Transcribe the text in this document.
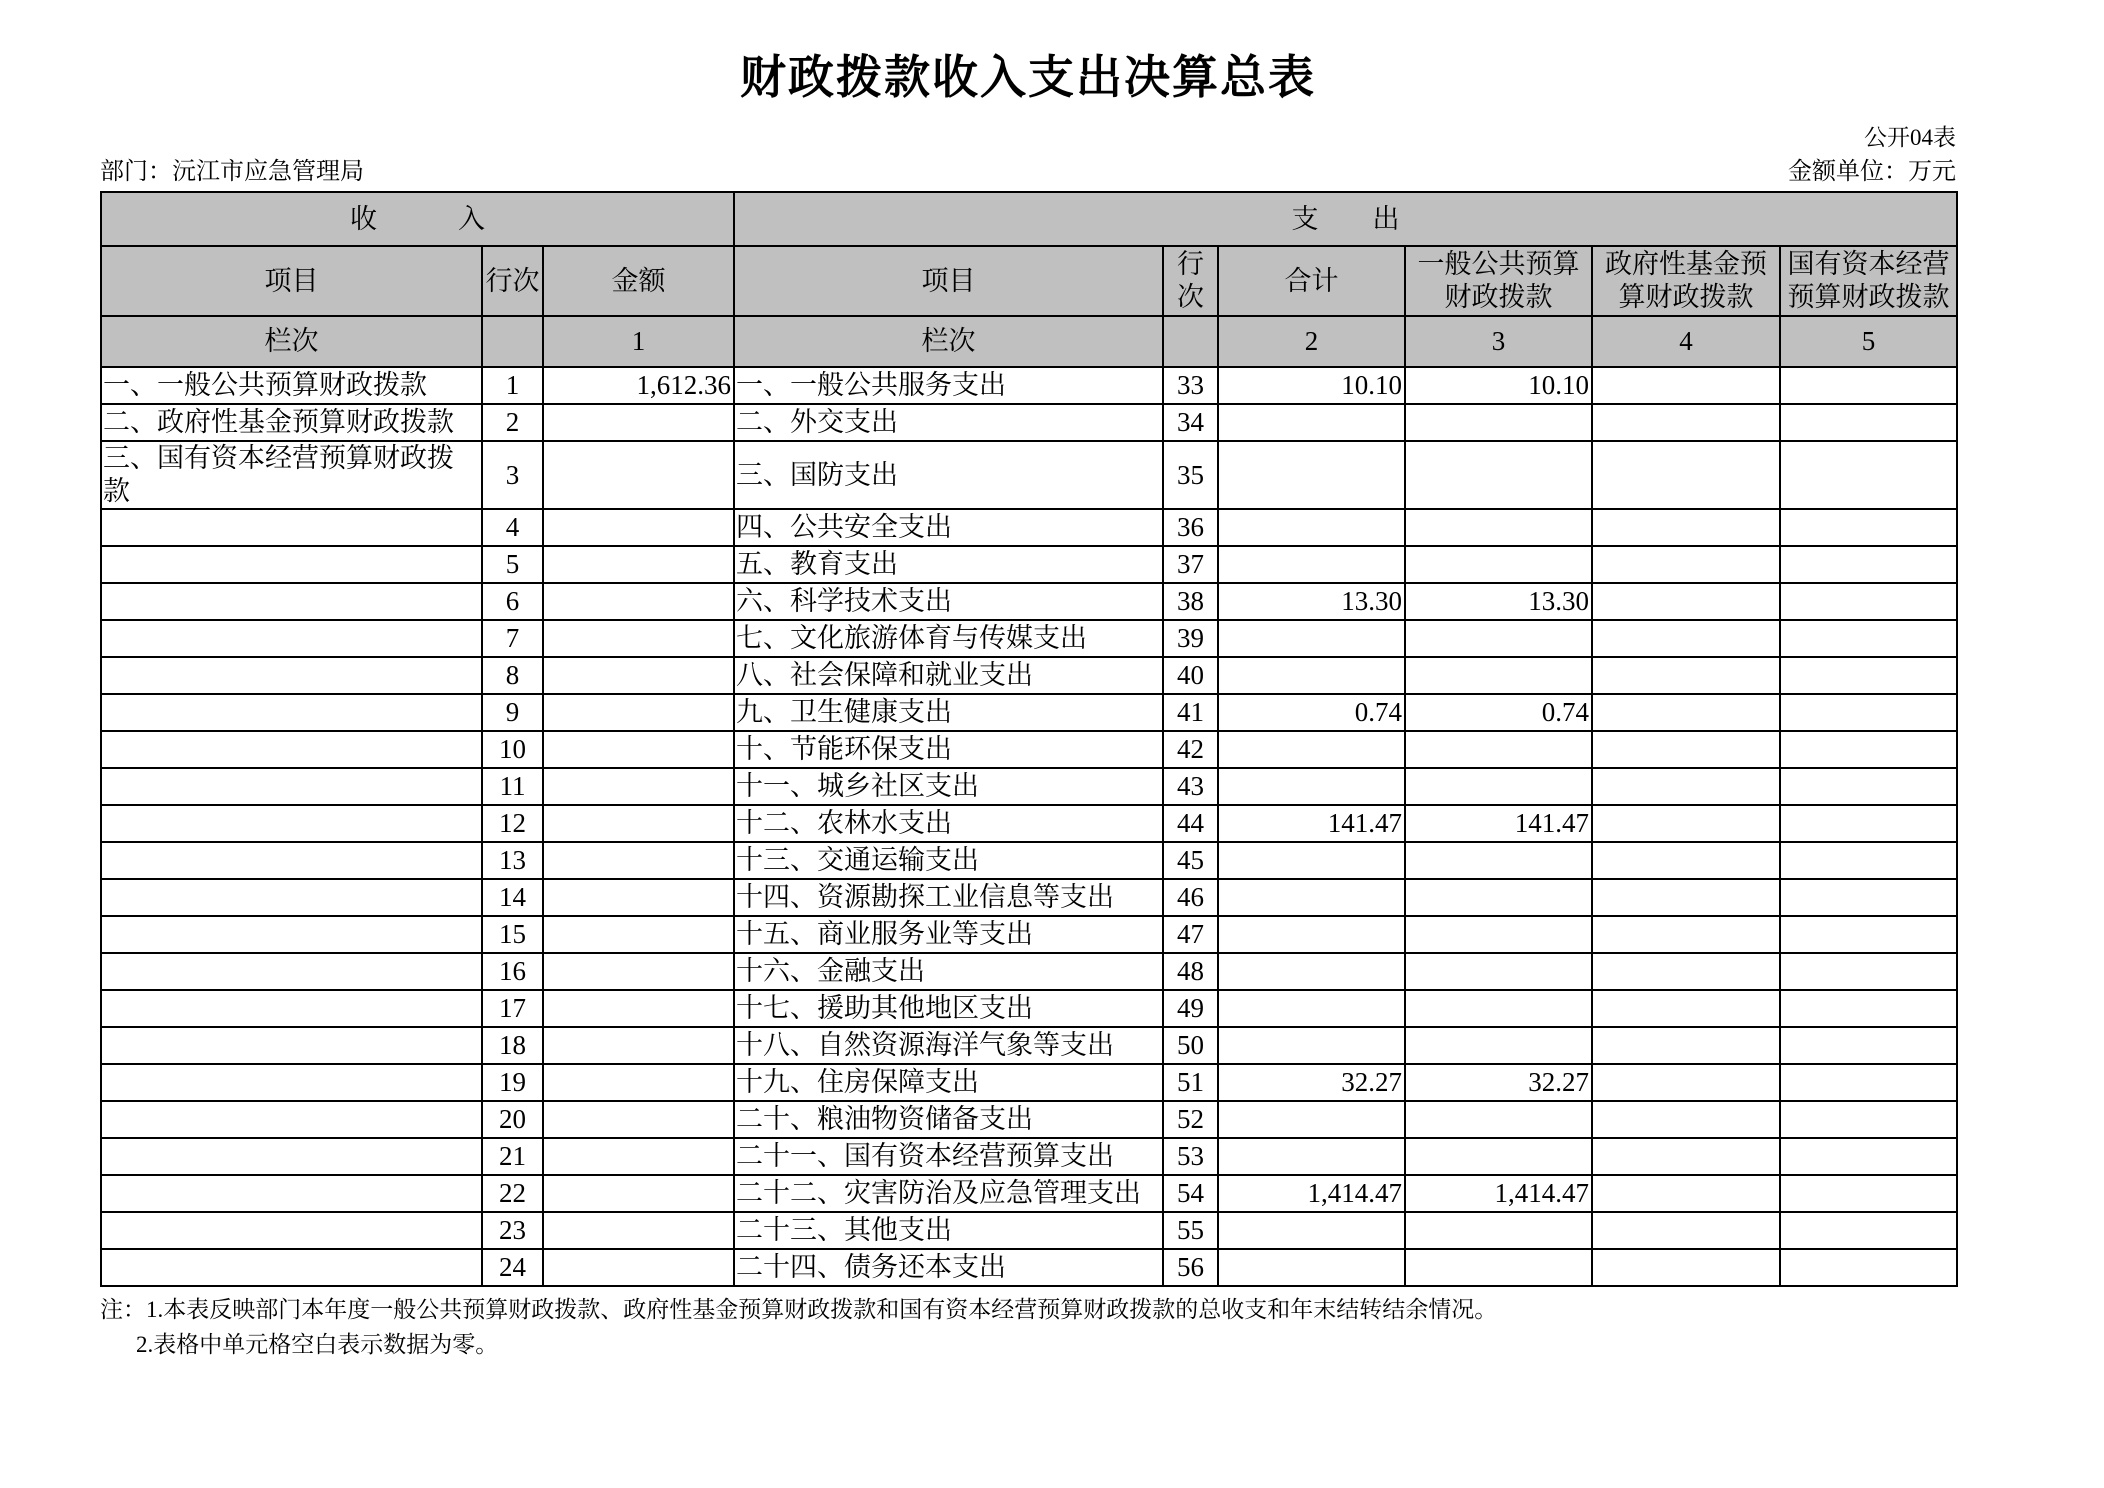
财政拨款收入支出决算总表
公开04表
部门：沅江市应急管理局	金额单位：万元
收　　　入			支　　出					
项目	行次	金额	项目	行次	合计	一般公共预算财政拨款	政府性基金预算财政拨款	国有资本经营预算财政拨款
栏次		1	栏次		2	3	4	5
一、一般公共预算财政拨款	1	1,612.36	一、一般公共服务支出	33	10.10	10.10		
二、政府性基金预算财政拨款	2		二、外交支出	34				
三、国有资本经营预算财政拨款	3		三、国防支出	35				
	4		四、公共安全支出	36				
	5		五、教育支出	37				
	6		六、科学技术支出	38	13.30	13.30		
	7		七、文化旅游体育与传媒支出	39				
	8		八、社会保障和就业支出	40				
	9		九、卫生健康支出	41	0.74	0.74		
	10		十、节能环保支出	42				
	11		十一、城乡社区支出	43				
	12		十二、农林水支出	44	141.47	141.47		
	13		十三、交通运输支出	45				
	14		十四、资源勘探工业信息等支出	46				
	15		十五、商业服务业等支出	47				
	16		十六、金融支出	48				
	17		十七、援助其他地区支出	49				
	18		十八、自然资源海洋气象等支出	50				
	19		十九、住房保障支出	51	32.27	32.27		
	20		二十、粮油物资储备支出	52				
	21		二十一、国有资本经营预算支出	53				
	22		二十二、灾害防治及应急管理支出	54	1,414.47	1,414.47		
	23		二十三、其他支出	55				
	24		二十四、债务还本支出	56				
注：1.本表反映部门本年度一般公共预算财政拨款、政府性基金预算财政拨款和国有资本经营预算财政拨款的总收支和年末结转结余情况。
2.表格中单元格空白表示数据为零。
